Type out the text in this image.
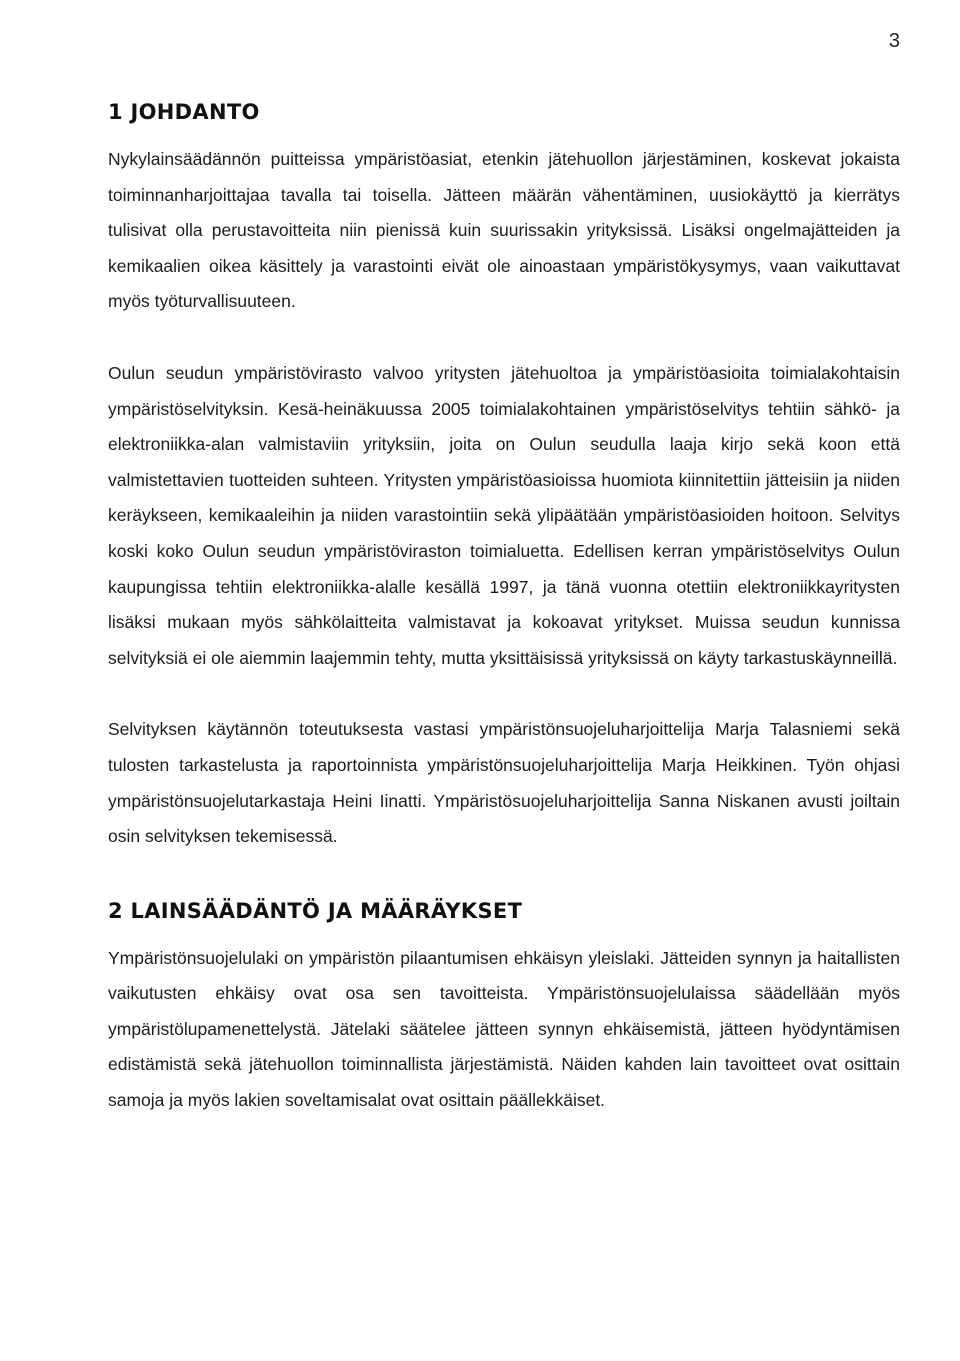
3
1 JOHDANTO

Nykylainsäädännön puitteissa ympäristöasiat, etenkin jätehuollon järjestäminen, koskevat jokaista toiminnanharjoittajaa tavalla tai toisella. Jätteen määrän vähentäminen, uusiokäyttö ja kierrätys tulisivat olla perustavoitteita niin pienissä kuin suurissakin yrityksissä. Lisäksi ongelmajätteiden ja kemikaalien oikea käsittely ja varastointi eivät ole ainoastaan ympäristökysymys, vaan vaikuttavat myös työturvallisuuteen.

Oulun seudun ympäristövirasto valvoo yritysten jätehuoltoa ja ympäristöasioita toimialakohtaisin ympäristöselvityksin. Kesä-heinäkuussa 2005 toimialakohtainen ympäristöselvitys tehtiin sähkö- ja elektroniikka-alan valmistaviin yrityksiin, joita on Oulun seudulla laaja kirjo sekä koon että valmistettavien tuotteiden suhteen. Yritysten ympäristöasioissa huomiota kiinnitettiin jätteisiin ja niiden keräykseen, kemikaaleihin ja niiden varastointiin sekä ylipäätään ympäristöasioiden hoitoon. Selvitys koski koko Oulun seudun ympäristöviraston toimialuetta. Edellisen kerran ympäristöselvitys Oulun kaupungissa tehtiin elektroniikka-alalle kesällä 1997, ja tänä vuonna otettiin elektroniikkayritysten lisäksi mukaan myös sähkölaitteita valmistavat ja kokoavat yritykset. Muissa seudun kunnissa selvityksiä ei ole aiemmin laajemmin tehty, mutta yksittäisissä yrityksissä on käyty tarkastuskäynneillä.

Selvityksen käytännön toteutuksesta vastasi ympäristönsuojeluharjoittelija Marja Talasniemi sekä tulosten tarkastelusta ja raportoinnista ympäristönsuojeluharjoittelija Marja Heikkinen. Työn ohjasi ympäristönsuojelutarkastaja Heini Iinatti. Ympäristösuojeluharjoittelija Sanna Niskanen avusti joiltain osin selvityksen tekemisessä.

2 LAINSÄÄDÄNTÖ JA MÄÄRÄYKSET

Ympäristönsuojelulaki on ympäristön pilaantumisen ehkäisyn yleislaki. Jätteiden synnyn ja haitallisten vaikutusten ehkäisy ovat osa sen tavoitteista. Ympäristönsuojelulaissa säädellään myös ympäristölupamenettelystä. Jätelaki säätelee jätteen synnyn ehkäisemistä, jätteen hyödyntämisen edistämistä sekä jätehuollon toiminnallista järjestämistä. Näiden kahden lain tavoitteet ovat osittain samoja ja myös lakien soveltamisalat ovat osittain päällekkäiset.
